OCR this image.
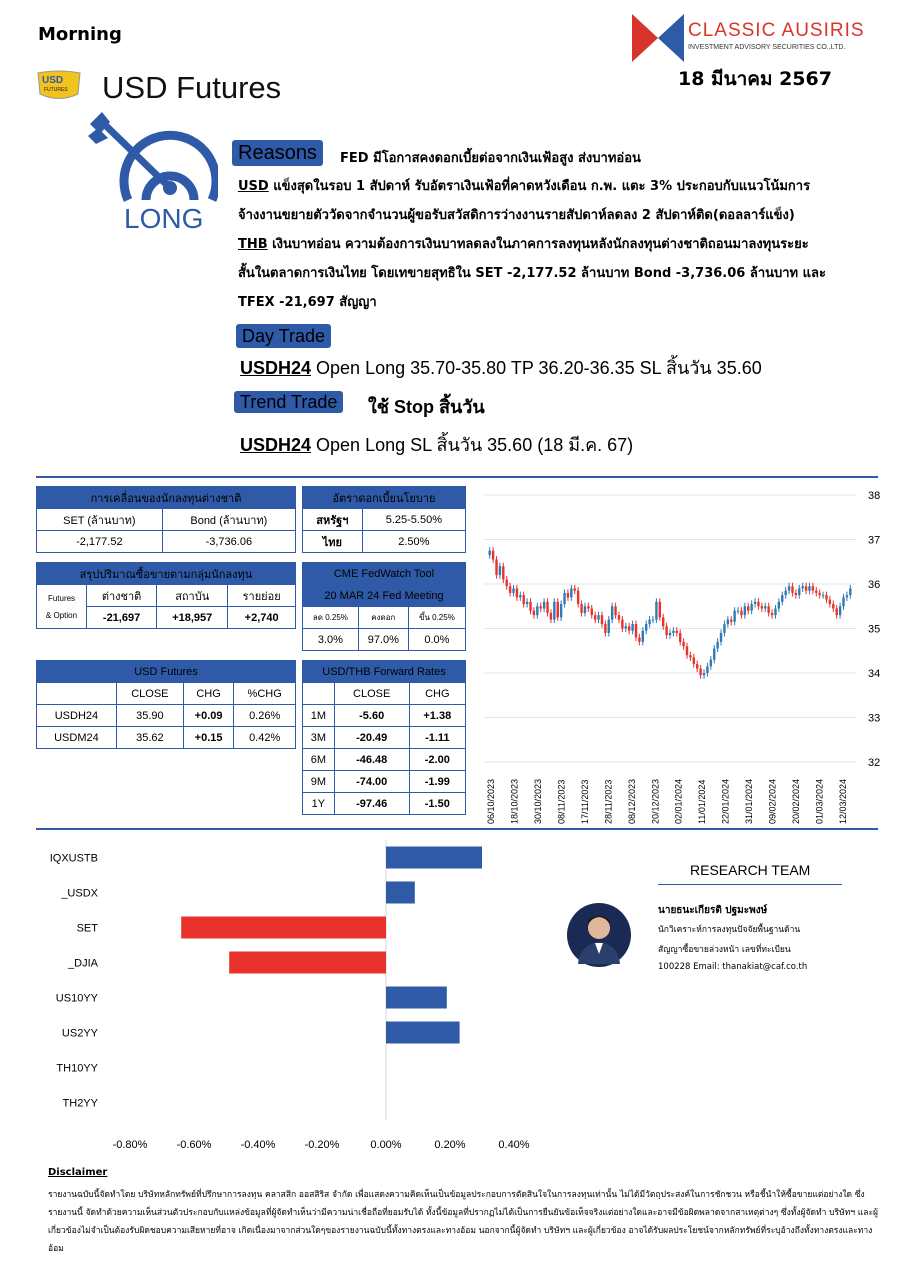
Morning	CLASSIC AUSIRIS
INVESTMENT ADVISORY SECURITIES CO.,LTD.
18 มีนาคม 2567
USD
FUTURES USD Futures
LONG
Reasons	FED มีโอกาสคงดอกเบี้ยต่อจากเงินเฟ้อสูง ส่งบาทอ่อน
USD แข็งสุดในรอบ 1 สัปดาห์ รับอัตราเงินเฟ้อที่คาดหวังเดือน ก.พ. แตะ 3% ประกอบกับแนวโน้มการ
จ้างงานขยายตัววัดจากจำนวนผู้ขอรับสวัสดิการว่างงานรายสัปดาห์ลดลง 2 สัปดาห์ติด(ดอลลาร์แข็ง)
THB เงินบาทอ่อน ความต้องการเงินบาทลดลงในภาคการลงทุนหลังนักลงทุนต่างชาติถอนมาลงทุนระยะ
สั้นในตลาดการเงินไทย โดยเทขายสุทธิใน SET -2,177.52 ล้านบาท Bond -3,736.06 ล้านบาท และ
TFEX -21,697 สัญญา
Day Trade
USDH24 Open Long 35.70-35.80 TP 36.20-36.35 SL สิ้นวัน 35.60
Trend Trade	ใช้ Stop สิ้นวัน
USDH24 Open Long SL สิ้นวัน 35.60 (18 มี.ค. 67)
การเคลื่อนของนักลงทุนต่างชาติ	
SET (ล้านบาท)	Bond (ล้านบาท)
-2,177.52	-3,736.06
อัตราดอกเบี้ยนโยบาย	
สหรัฐฯ	5.25-5.50%
ไทย	2.50%
สรุปปริมาณซื้อขายตามกลุ่มนักลงทุน			

Futures
& Option	ต่างชาติ	สถาบัน	รายย่อย
	-21,697	+18,957	+2,740
CME FedWatch Tool		
20 MAR 24 Fed Meeting		
ลด 0.25%	คงดอก	ขึ้น 0.25%
3.0%	97.0%	0.0%
USD Futures			
	CLOSE	CHG	%CHG
USDH24	35.90	+0.09	0.26%
USDM24	35.62	+0.15	0.42%
USD/THB Forward Rates		
	CLOSE	CHG
1M	-5.60	+1.38
3M	-20.49	-1.11
6M	-46.48	-2.00
9M	-74.00	-1.99
1Y	-97.46	-1.50
38
37
36
35
34
33
32
06/10/2023 18/10/2023 30/10/2023 08/11/2023 17/11/2023 28/11/2023 08/12/2023 20/12/2023 02/01/2024 11/01/2024 22/01/2024 31/01/2024 09/02/2024 20/02/2024 01/03/2024 12/03/2024
IQXUSTB
_USDX
SET
_DJIA
US10YY
US2YY
TH10YY
TH2YY
-0.80%	-0.60%	-0.40%	-0.20%	0.00%	0.20%	0.40%
RESEARCH TEAM
นายธนะเกียรติ ปฐมะพงษ์
นักวิเคราะห์การลงทุนปัจจัยพื้นฐานด้าน
สัญญาซื้อขายล่วงหน้า เลขที่ทะเบียน
100228 Email: thanakiat@caf.co.th
Disclaimer
รายงานฉบับนี้จัดทำโดย บริษัทหลักทรัพย์ที่ปรึกษาการลงทุน คลาสสิก ออสสิริส จำกัด เพื่อแสดงความคิดเห็นเป็นข้อมูลประกอบการตัดสินใจในการลงทุนเท่านั้น ไม่ได้มีวัตถุประสงค์ในการชักชวน หรือชี้นำให้ซื้อขายแต่อย่างใด ซึ่งรายงานนี้ จัดทำด้วยความเห็นส่วนตัวประกอบกับแหล่งข้อมูลที่ผู้จัดทำเห็นว่ามีความน่าเชื่อถือที่ยอมรับได้ ทั้งนี้ข้อมูลที่ปรากฏไม่ได้เป็นการยืนยันข้อเท็จจริงแต่อย่างใดและอาจมีข้อผิดพลาดจากสาเหตุต่างๆ ซึ่งทั้งผู้จัดทำ บริษัทฯ และผู้เกี่ยวข้องไม่จำเป็นต้องรับผิดชอบความเสียหายที่อาจ เกิดเนื่องมาจากส่วนใดๆของรายงานฉบับนี้ทั้งทางตรงและทางอ้อม นอกจากนี้ผู้จัดทำ บริษัทฯ และผู้เกี่ยวข้อง อาจได้รับผลประโยชน์จากหลักทรัพย์ที่ระบุอ้างถึงทั้งทางตรงและทางอ้อม
